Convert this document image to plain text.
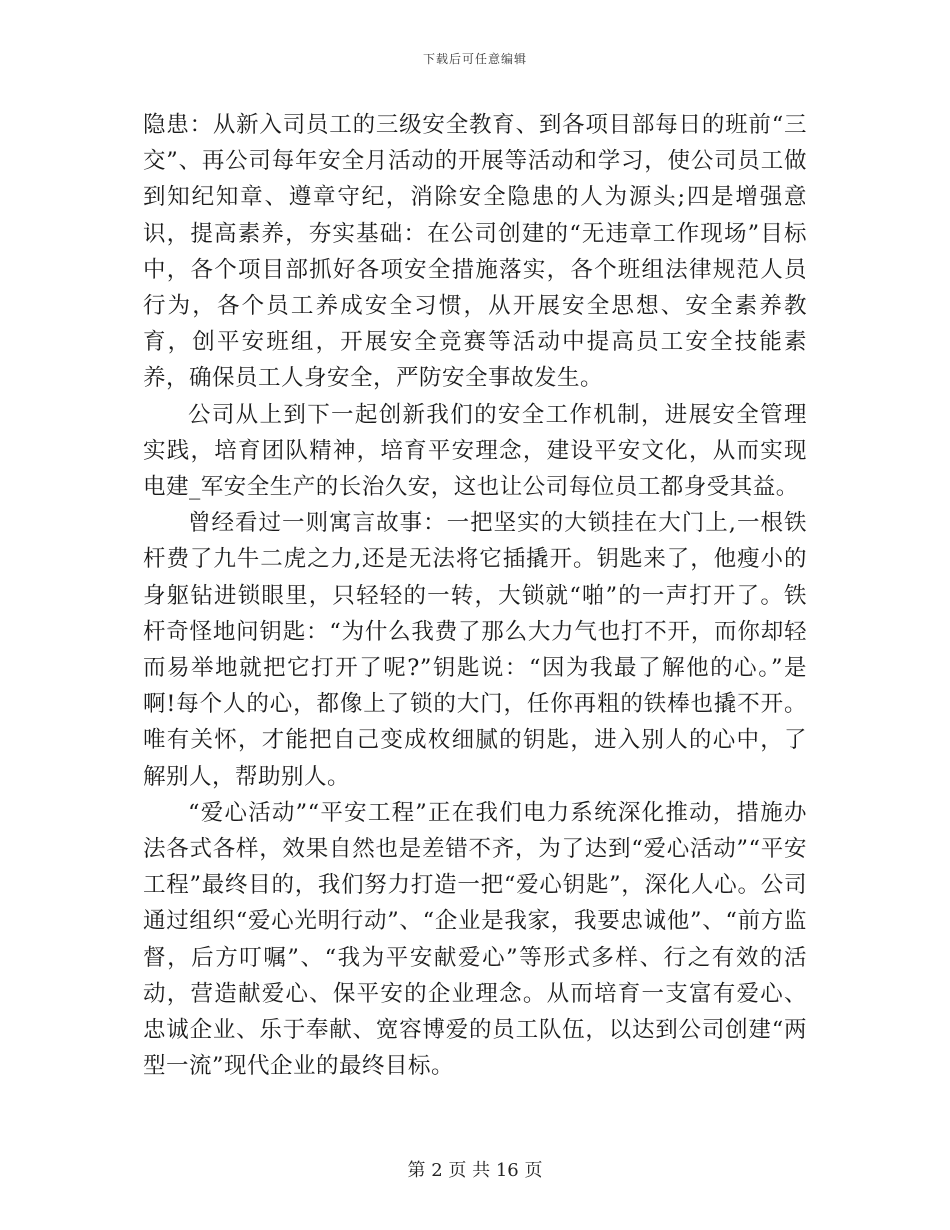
下载后可任意编辑

隐患：从新入司员工的三级安全教育、到各项目部每日的班前“三交”、再公司每年安全月活动的开展等活动和学习，使公司员工做到知纪知章、遵章守纪，消除安全隐患的人为源头;四是增强意识，提高素养，夯实基础：在公司创建的“无违章工作现场”目标中，各个项目部抓好各项安全措施落实，各个班组法律规范人员行为，各个员工养成安全习惯，从开展安全思想、安全素养教育，创平安班组，开展安全竞赛等活动中提高员工安全技能素养，确保员工人身安全，严防安全事故发生。

公司从上到下一起创新我们的安全工作机制，进展安全管理实践，培育团队精神，培育平安理念，建设平安文化，从而实现电建_军安全生产的长治久安，这也让公司每位员工都身受其益。

曾经看过一则寓言故事：一把坚实的大锁挂在大门上,一根铁杆费了九牛二虎之力,还是无法将它插撬开。钥匙来了，他瘦小的身躯钻进锁眼里，只轻轻的一转，大锁就“啪”的一声打开了。铁杆奇怪地问钥匙：“为什么我费了那么大力气也打不开，而你却轻而易举地就把它打开了呢?”钥匙说：“因为我最了解他的心。”是啊!每个人的心，都像上了锁的大门，任你再粗的铁棒也撬不开。唯有关怀，才能把自己变成枚细腻的钥匙，进入别人的心中，了解别人，帮助别人。

“爱心活动”“平安工程”正在我们电力系统深化推动，措施办法各式各样，效果自然也是差错不齐，为了达到“爱心活动”“平安工程”最终目的，我们努力打造一把“爱心钥匙”，深化人心。公司通过组织“爱心光明行动”、“企业是我家，我要忠诚他”、“前方监督，后方叮嘱”、“我为平安献爱心”等形式多样、行之有效的活动，营造献爱心、保平安的企业理念。从而培育一支富有爱心、忠诚企业、乐于奉献、宽容博爱的员工队伍，以达到公司创建“两型一流”现代企业的最终目标。

第 2 页 共 16 页
